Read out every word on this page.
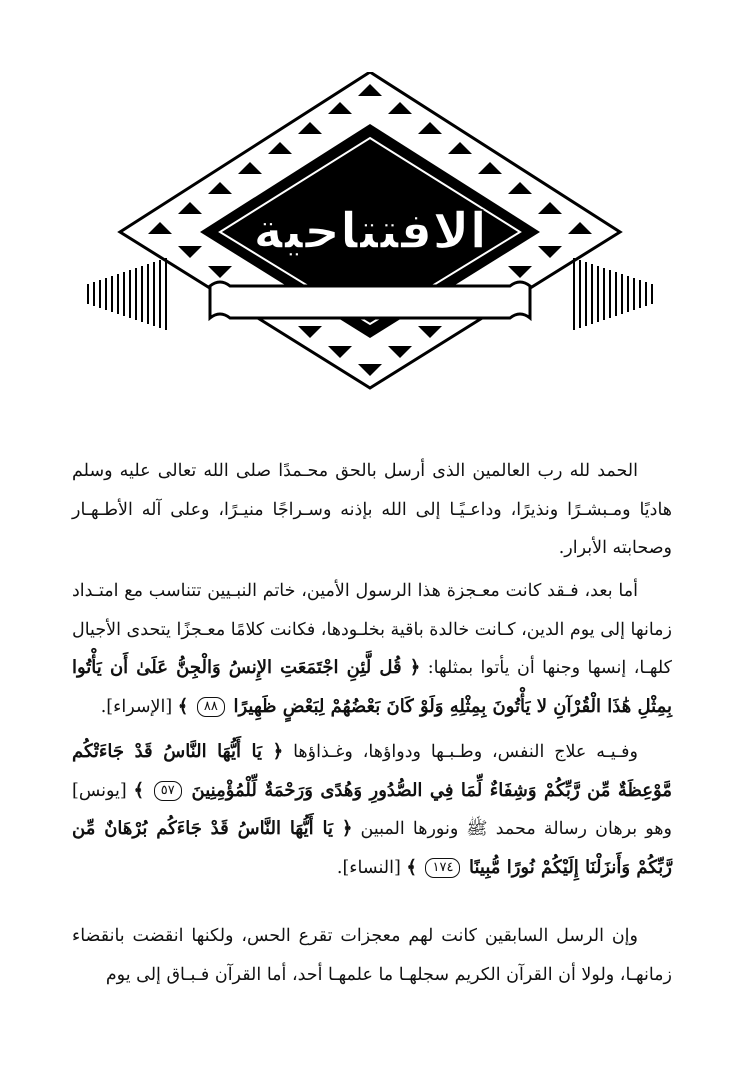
الافتتاحية

الحمد لله رب العالمين الذى أرسل بالحق محـمدًا صلى الله تعالى عليه وسلم هاديًا ومـبشـرًا ونذيرًا، وداعـيًـا إلى الله بإذنه وسـراجًا منيـرًا، وعلى آله الأطـهـار وصحابته الأبرار.

أما بعد، فـقد كانت معـجزة هذا الرسول الأمين، خاتم النبـيين تتناسب مع امتـداد زمانها إلى يوم الدين، كـانت خالدة باقية بخلـودها، فكانت كلامًا معـجزًا يتحدى الأجيال كلهـا، إنسها وجنها أن يأتوا بمثلها: ﴿ قُل لَّئِنِ اجْتَمَعَتِ الإِنسُ وَالْجِنُّ عَلَىٰ أَن يَأْتُوا بِمِثْلِ هَٰذَا الْقُرْآنِ لا يَأْتُونَ بِمِثْلِهِ وَلَوْ كَانَ بَعْضُهُمْ لِبَعْضٍ ظَهِيرًا ٨٨ ﴾ [الإسراء].

وفـيـه علاج النفس، وطـبـها ودواؤها، وغـذاؤها ﴿ يَا أَيُّهَا النَّاسُ قَدْ جَاءَتْكُم مَّوْعِظَةٌ مِّن رَّبِّكُمْ وَشِفَاءٌ لِّمَا فِي الصُّدُورِ وَهُدًى وَرَحْمَةٌ لِّلْمُؤْمِنِينَ ٥٧ ﴾ [يونس] وهو برهان رسالة محمد ﷺ ونورها المبين ﴿ يَا أَيُّهَا النَّاسُ قَدْ جَاءَكُم بُرْهَانٌ مِّن رَّبِّكُمْ وَأَنزَلْنَا إِلَيْكُمْ نُورًا مُّبِينًا ١٧٤ ﴾ [النساء].

وإن الرسل السابقين كانت لهم معجزات تقرع الحس، ولكنها انقضت بانقضاء زمانهـا، ولولا أن القرآن الكريم سجلهـا ما علمهـا أحد، أما القرآن فـبـاق إلى يوم
